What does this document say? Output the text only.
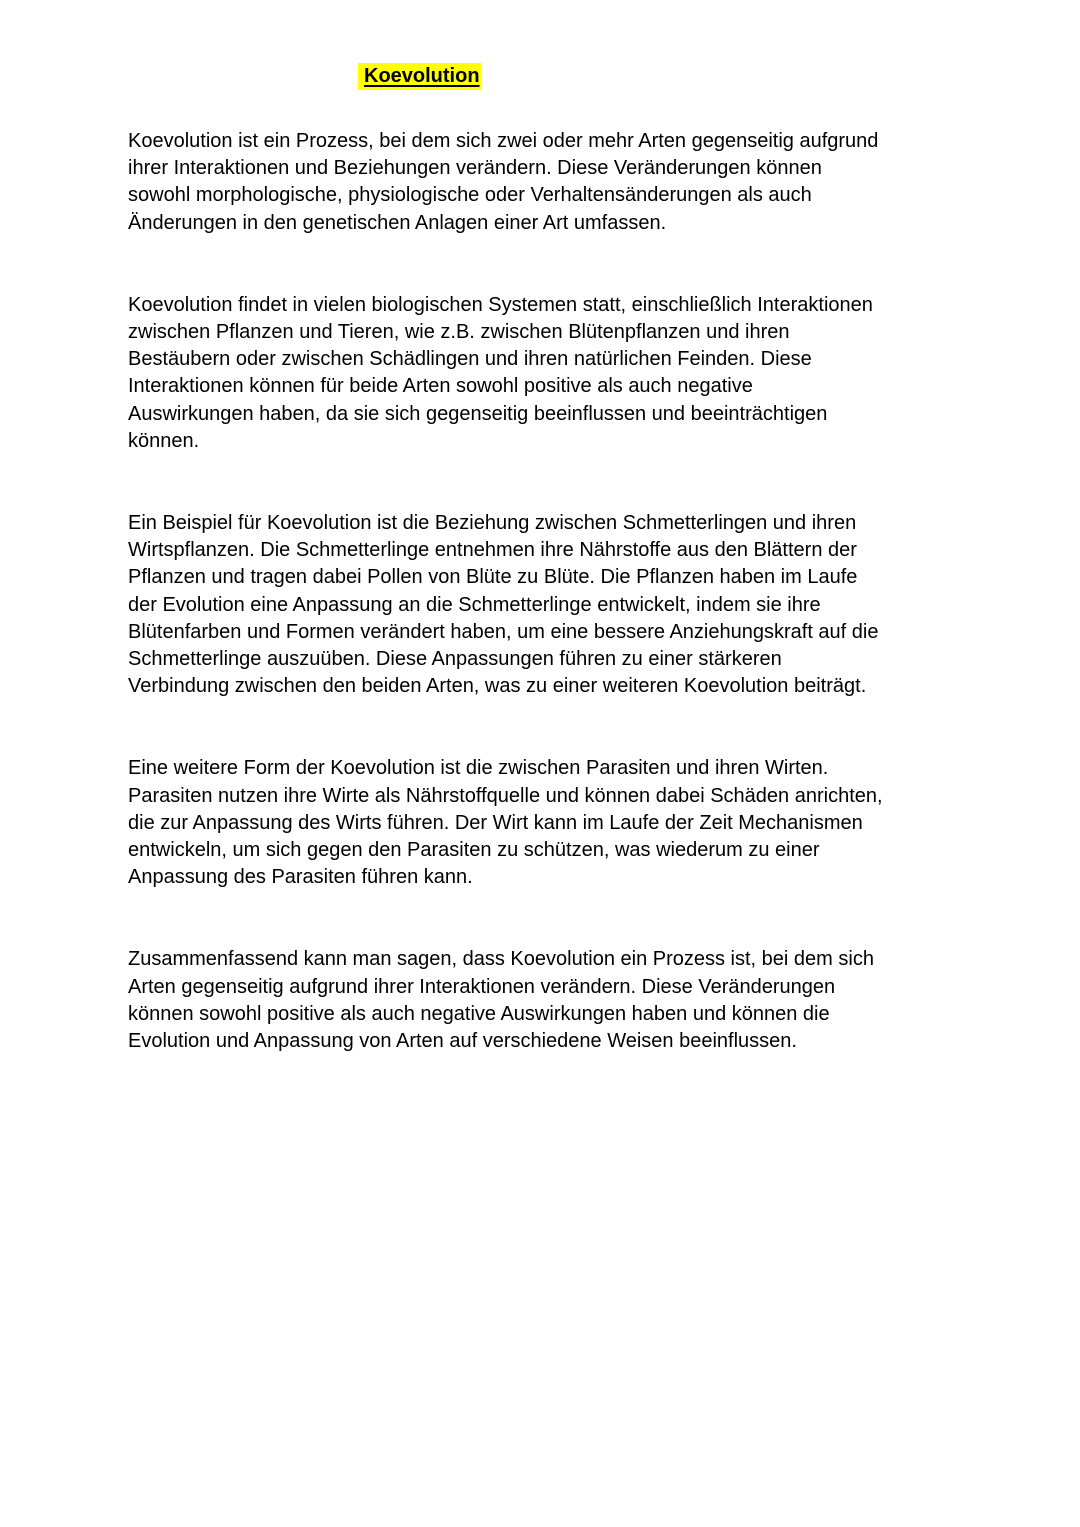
Koevolution

Koevolution ist ein Prozess, bei dem sich zwei oder mehr Arten gegenseitig aufgrund
ihrer Interaktionen und Beziehungen verändern. Diese Veränderungen können
sowohl morphologische, physiologische oder Verhaltensänderungen als auch
Änderungen in den genetischen Anlagen einer Art umfassen.

Koevolution findet in vielen biologischen Systemen statt, einschließlich Interaktionen
zwischen Pflanzen und Tieren, wie z.B. zwischen Blütenpflanzen und ihren
Bestäubern oder zwischen Schädlingen und ihren natürlichen Feinden. Diese
Interaktionen können für beide Arten sowohl positive als auch negative
Auswirkungen haben, da sie sich gegenseitig beeinflussen und beeinträchtigen
können.

Ein Beispiel für Koevolution ist die Beziehung zwischen Schmetterlingen und ihren
Wirtspflanzen. Die Schmetterlinge entnehmen ihre Nährstoffe aus den Blättern der
Pflanzen und tragen dabei Pollen von Blüte zu Blüte. Die Pflanzen haben im Laufe
der Evolution eine Anpassung an die Schmetterlinge entwickelt, indem sie ihre
Blütenfarben und Formen verändert haben, um eine bessere Anziehungskraft auf die
Schmetterlinge auszuüben. Diese Anpassungen führen zu einer stärkeren
Verbindung zwischen den beiden Arten, was zu einer weiteren Koevolution beiträgt.

Eine weitere Form der Koevolution ist die zwischen Parasiten und ihren Wirten.
Parasiten nutzen ihre Wirte als Nährstoffquelle und können dabei Schäden anrichten,
die zur Anpassung des Wirts führen. Der Wirt kann im Laufe der Zeit Mechanismen
entwickeln, um sich gegen den Parasiten zu schützen, was wiederum zu einer
Anpassung des Parasiten führen kann.

Zusammenfassend kann man sagen, dass Koevolution ein Prozess ist, bei dem sich
Arten gegenseitig aufgrund ihrer Interaktionen verändern. Diese Veränderungen
können sowohl positive als auch negative Auswirkungen haben und können die
Evolution und Anpassung von Arten auf verschiedene Weisen beeinflussen.
